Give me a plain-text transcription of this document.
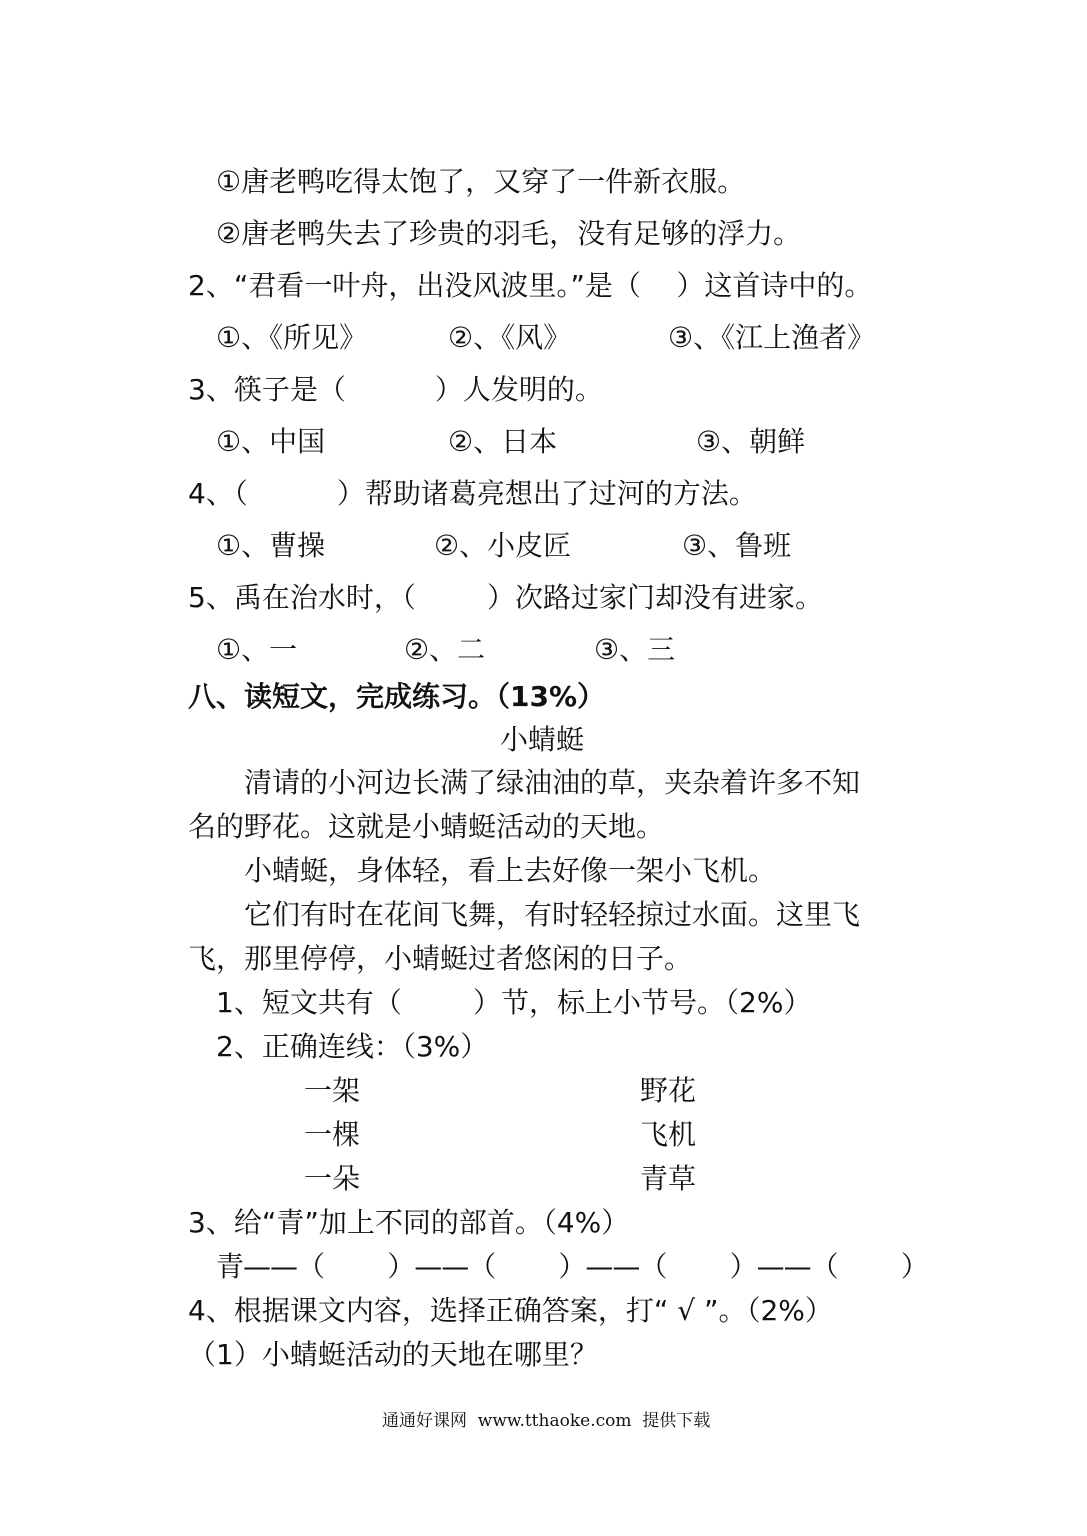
①唐老鸭吃得太饱了，又穿了一件新衣服。
②唐老鸭失去了珍贵的羽毛，没有足够的浮力。
2、“君看一叶舟，出没风波里。”是（    ）这首诗中的。
①、《所见》	②、《风》	③、《江上渔者》
3、筷子是（          ）人发明的。
①、中国	②、日本	③、朝鲜
4、（          ）帮助诸葛亮想出了过河的方法。
①、曹操	②、小皮匠	③、鲁班
5、禹在治水时，（        ）次路过家门却没有进家。
①、一	②、二	③、三
八、读短文，完成练习。（13%）
小蜻蜓
清请的小河边长满了绿油油的草，夹杂着许多不知
名的野花。这就是小蜻蜓活动的天地。
小蜻蜓，身体轻，看上去好像一架小飞机。
它们有时在花间飞舞，有时轻轻掠过水面。这里飞
飞，那里停停，小蜻蜓过者悠闲的日子。
1、短文共有（        ）节，标上小节号。（2%）
2、正确连线：（3%）
一架	野花
一棵	飞机
一朵	青草
3、给“青”加上不同的部首。（4%）
青——（        ）——（        ）——（        ）——（        ）
4、根据课文内容，选择正确答案，打“ √ ”。（2%）
（1）小蜻蜓活动的天地在哪里？
通通好课网  www.tthaoke.com  提供下载
